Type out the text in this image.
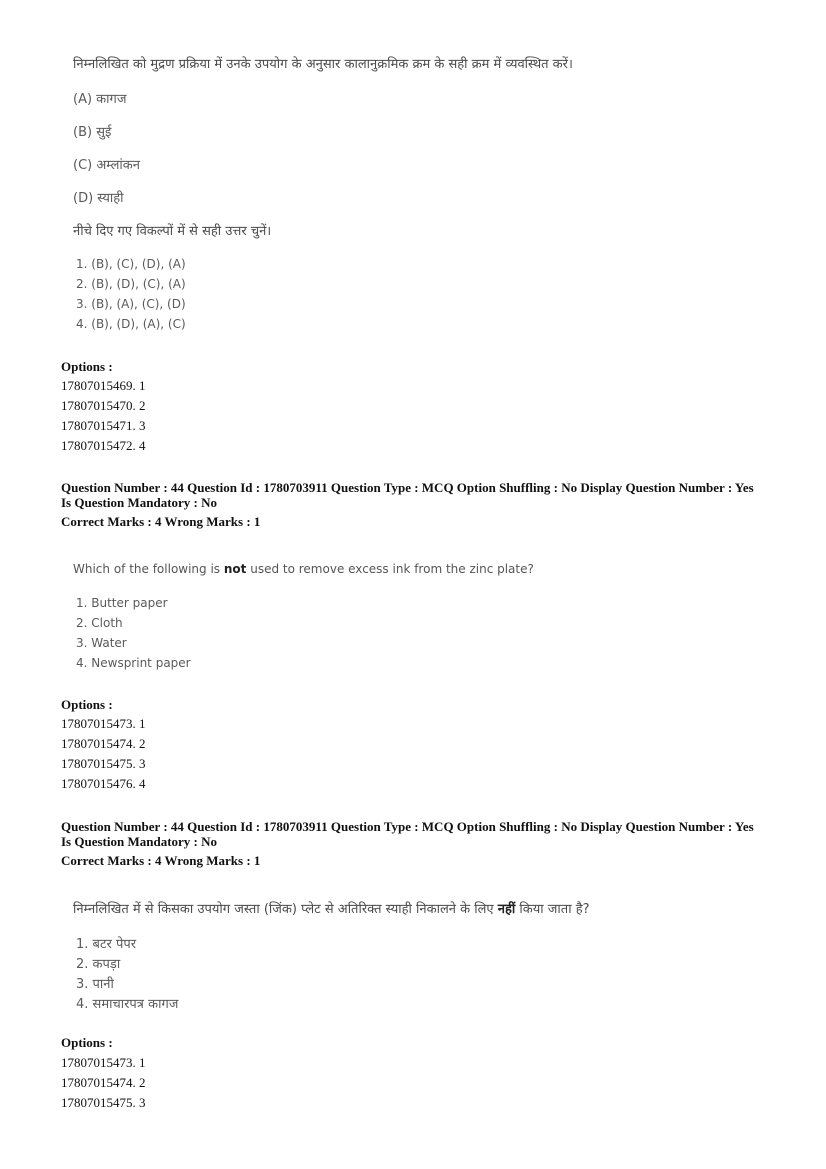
निम्नलिखित को मुद्रण प्रक्रिया में उनके उपयोग के अनुसार कालानुक्रमिक क्रम के सही क्रम में व्यवस्थित करें।
(A) कागज
(B) सुई
(C) अम्लांकन
(D) स्याही
नीचे दिए गए विकल्पों में से सही उत्तर चुनें।
1. (B), (C), (D), (A)
2. (B), (D), (C), (A)
3. (B), (A), (C), (D)
4. (B), (D), (A), (C)
Options :
17807015469. 1
17807015470. 2
17807015471. 3
17807015472. 4
Question Number : 44 Question Id : 1780703911 Question Type : MCQ Option Shuffling : No Display Question Number : Yes
Is Question Mandatory : No
Correct Marks : 4 Wrong Marks : 1
Which of the following is not used to remove excess ink from the zinc plate?
1. Butter paper
2. Cloth
3. Water
4. Newsprint paper
Options :
17807015473. 1
17807015474. 2
17807015475. 3
17807015476. 4
Question Number : 44 Question Id : 1780703911 Question Type : MCQ Option Shuffling : No Display Question Number : Yes
Is Question Mandatory : No
Correct Marks : 4 Wrong Marks : 1
निम्नलिखित में से किसका उपयोग जस्ता (जिंक) प्लेट से अतिरिक्त स्याही निकालने के लिए नहीं किया जाता है?
1. बटर पेपर
2. कपड़ा
3. पानी
4. समाचारपत्र कागज
Options :
17807015473. 1
17807015474. 2
17807015475. 3
